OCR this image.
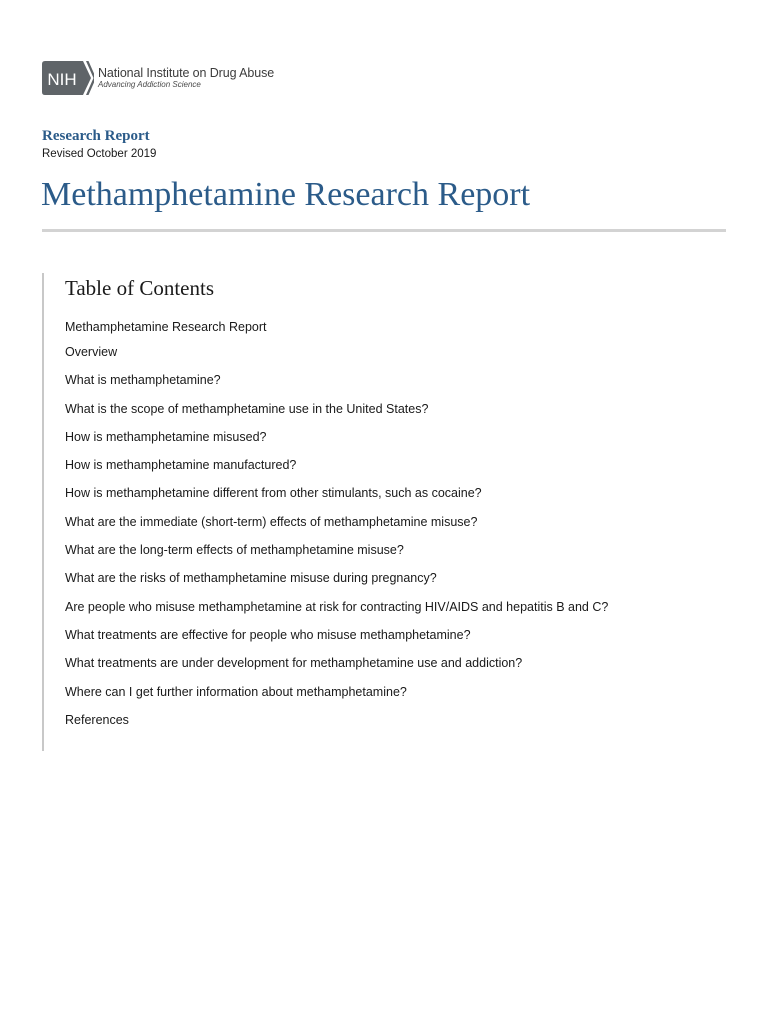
NIH National Institute on Drug Abuse
Advancing Addiction Science
Research Report
Revised October 2019
Methamphetamine Research Report
Table of Contents
Methamphetamine Research Report
Overview
What is methamphetamine?
What is the scope of methamphetamine use in the United States?
How is methamphetamine misused?
How is methamphetamine manufactured?
How is methamphetamine different from other stimulants, such as cocaine?
What are the immediate (short-term) effects of methamphetamine misuse?
What are the long-term effects of methamphetamine misuse?
What are the risks of methamphetamine misuse during pregnancy?
Are people who misuse methamphetamine at risk for contracting HIV/AIDS and hepatitis B and C?
What treatments are effective for people who misuse methamphetamine?
What treatments are under development for methamphetamine use and addiction?
Where can I get further information about methamphetamine?
References
